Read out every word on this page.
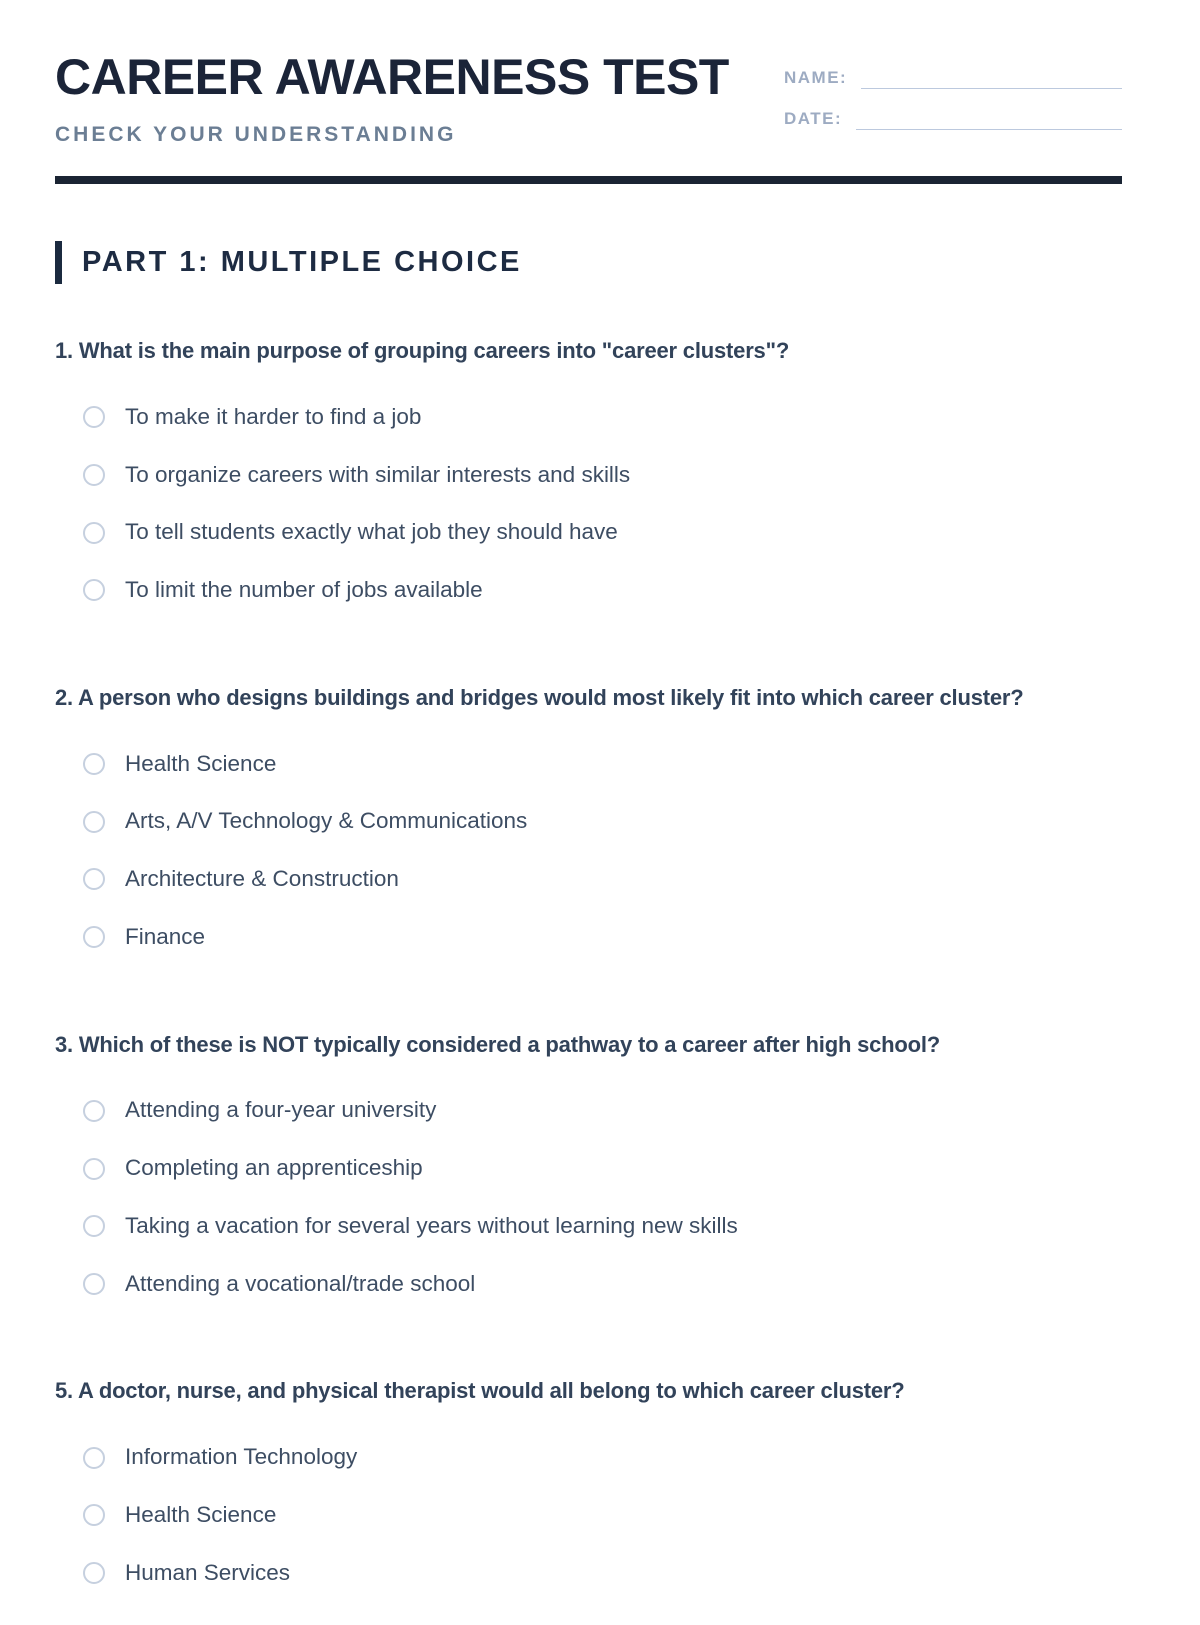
CAREER AWARENESS TEST
CHECK YOUR UNDERSTANDING
NAME:
DATE:
PART 1: MULTIPLE CHOICE

1. What is the main purpose of grouping careers into "career clusters"?

To make it harder to find a job
To organize careers with similar interests and skills
To tell students exactly what job they should have
To limit the number of jobs available

2. A person who designs buildings and bridges would most likely fit into which career cluster?

Health Science
Arts, A/V Technology & Communications
Architecture & Construction
Finance

3. Which of these is NOT typically considered a pathway to a career after high school?

Attending a four-year university
Completing an apprenticeship
Taking a vacation for several years without learning new skills
Attending a vocational/trade school

5. A doctor, nurse, and physical therapist would all belong to which career cluster?

Information Technology
Health Science
Human Services
